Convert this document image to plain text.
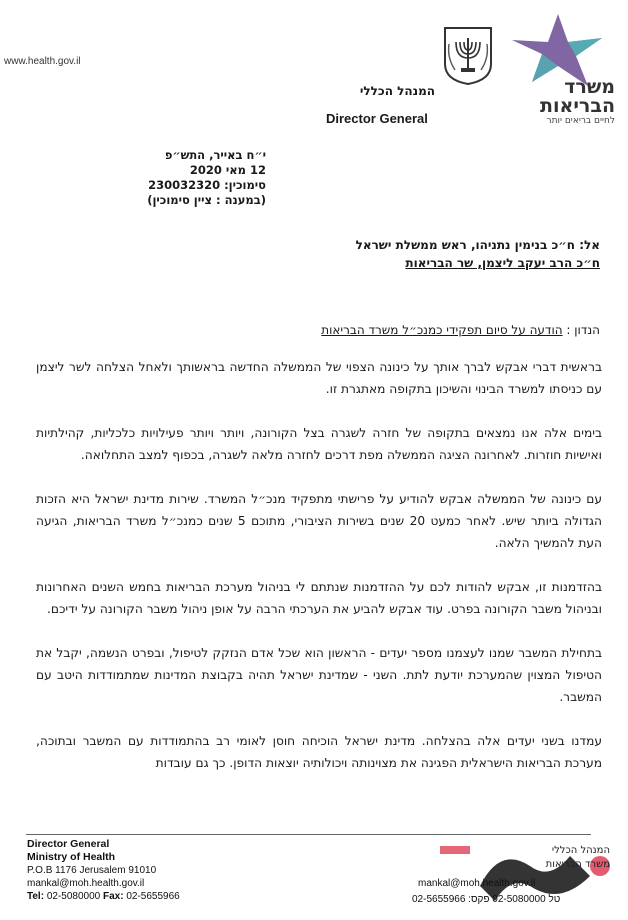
www.health.gov.il
משרד
הבריאות
לחיים בריאים יותר
המנהל הכללי
Director General
י״ח באייר, התש״פ
12 מאי 2020
סימוכין: 230032320
(במענה : ציין סימוכין)
אל: ח״כ בנימין נתניהו, ראש ממשלת ישראל
ח״כ הרב יעקב ליצמן, שר הבריאות
הנדון : הודעה על סיום תפקידי כמנכ״ל משרד הבריאות

בראשית דברי אבקש לברך אותך על כינונה הצפוי של הממשלה החדשה בראשותך ולאחל הצלחה לשר ליצמן עם כניסתו למשרד הבינוי והשיכון בתקופה מאתגרת זו.

בימים אלה אנו נמצאים בתקופה של חזרה לשגרה בצל הקורונה, ויותר ויותר פעילויות כלכליות, קהילתיות ואישיות חוזרות. לאחרונה הציגה הממשלה מפת דרכים לחזרה מלאה לשגרה, בכפוף למצב התחלואה.

עם כינונה של הממשלה אבקש להודיע על פרישתי מתפקיד מנכ״ל המשרד. שירות מדינת ישראל היא הזכות הגדולה ביותר שיש. לאחר כמעט 20 שנים בשירות הציבורי, מתוכם 5 שנים כמנכ״ל משרד הבריאות, הגיעה העת להמשיך הלאה.

בהזדמנות זו, אבקש להודות לכם על ההזדמנות שנתתם לי בניהול מערכת הבריאות בחמש השנים האחרונות ובניהול משבר הקורונה בפרט. עוד אבקש להביע את הערכתי הרבה על אופן ניהול משבר הקורונה על ידיכם.

בתחילת המשבר שמנו לעצמנו מספר יעדים - הראשון הוא שכל אדם הנזקק לטיפול, ובפרט הנשמה, יקבל את הטיפול המצוין שהמערכת יודעת לתת. השני - שמדינת ישראל תהיה בקבוצת המדינות שמתמודדות היטב עם המשבר.

עמדנו בשני יעדים אלה בהצלחה. מדינת ישראל הוכיחה חוסן לאומי רב בהתמודדות עם המשבר ובתוכה, מערכת הבריאות הישראלית הפגינה את מצוינותה ויכולותיה יוצאות הדופן. כך גם עובדות

Director General
Ministry of Health
P.O.B 1176 Jerusalem 91010
mankal@moh.health.gov.il
Tel: 02-5080000 Fax: 02-5655966
המנהל הכללי
משרד הבריאות
mankal@moh.health.gov.il
02-5655966 :טל 02-5080000 פקס
